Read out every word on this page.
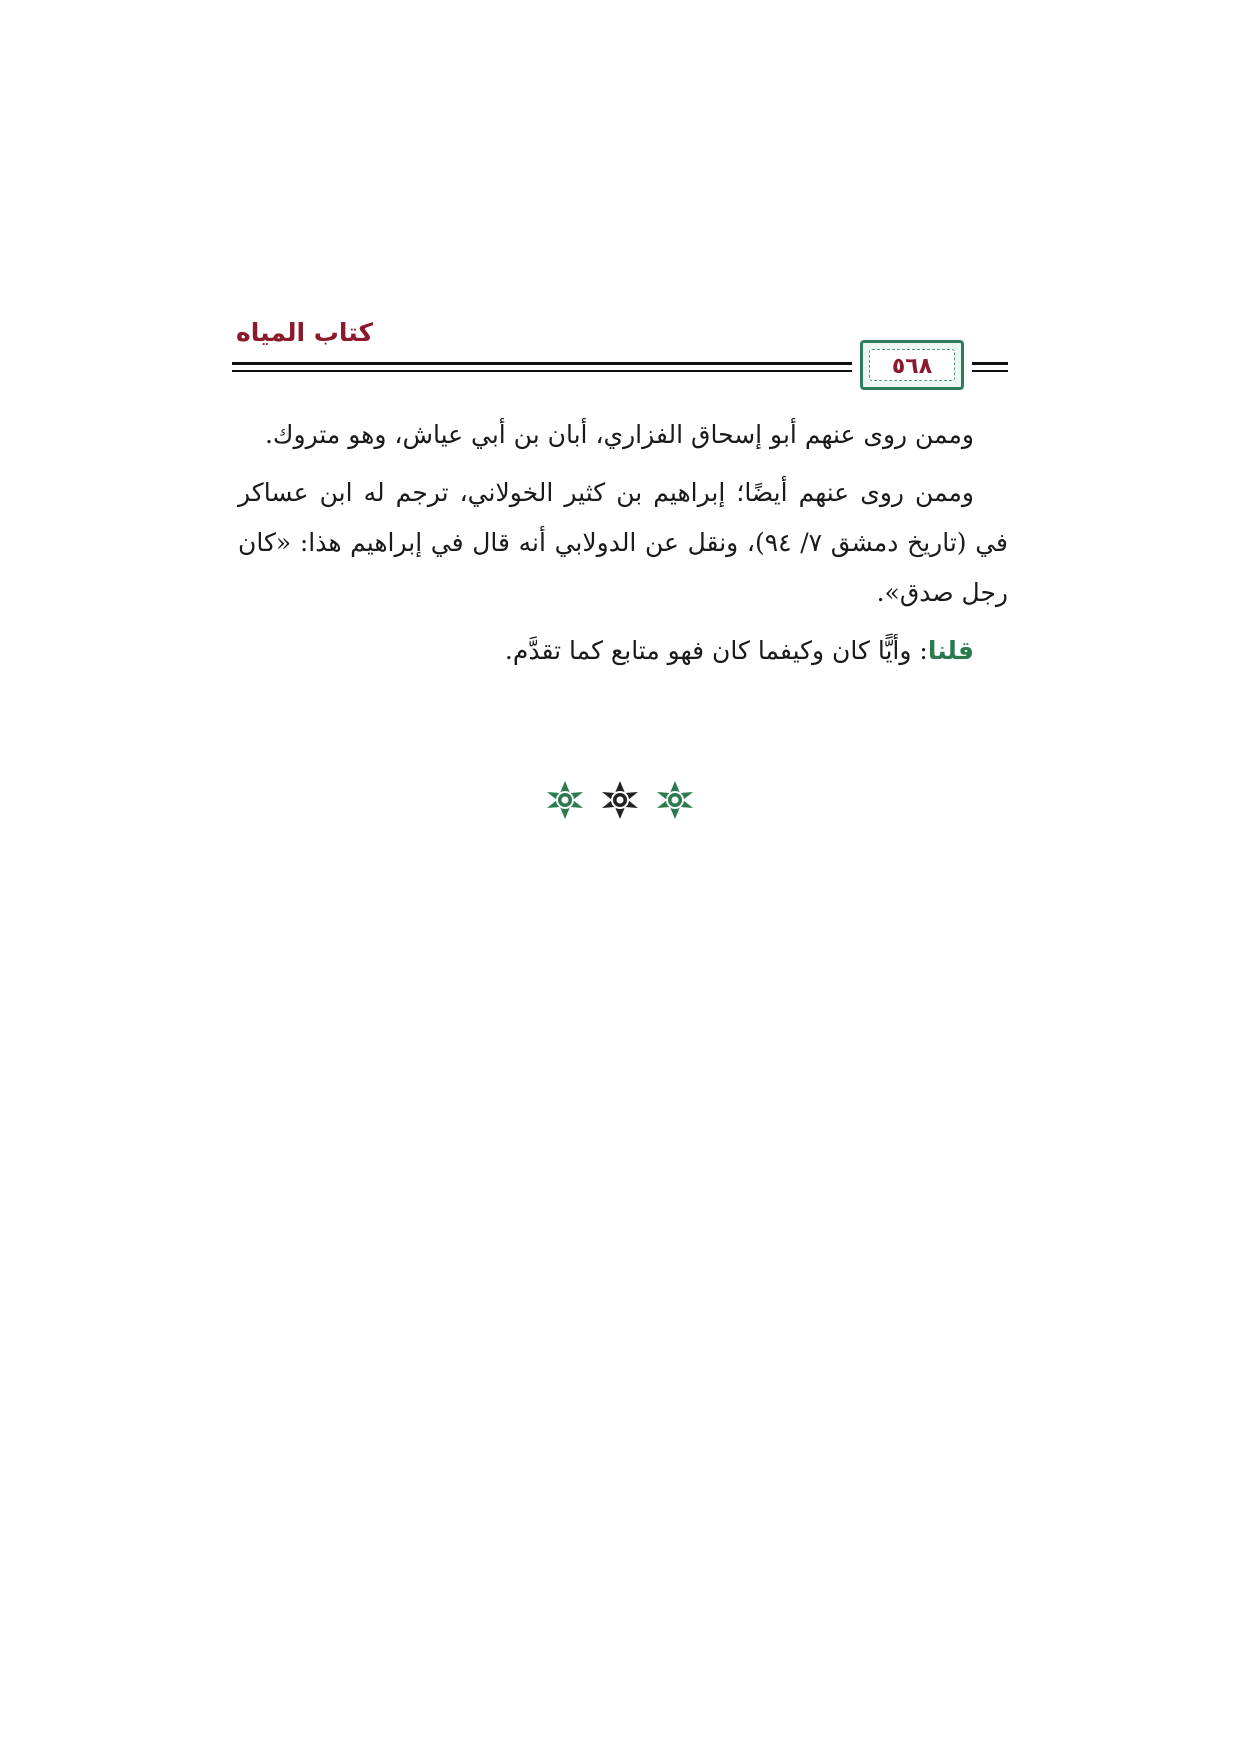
كتاب المياه
٥٦٨

وممن روى عنهم أبو إسحاق الفزاري، أبان بن أبي عياش، وهو متروك.

وممن روى عنهم أيضًا؛ إبراهيم بن كثير الخولاني، ترجم له ابن عساكر في (تاريخ دمشق ٧/ ٩٤)، ونقل عن الدولابي أنه قال في إبراهيم هذا: «كان رجل صدق».

قلنا: وأيًّا كان وكيفما كان فهو متابع كما تقدَّم.
